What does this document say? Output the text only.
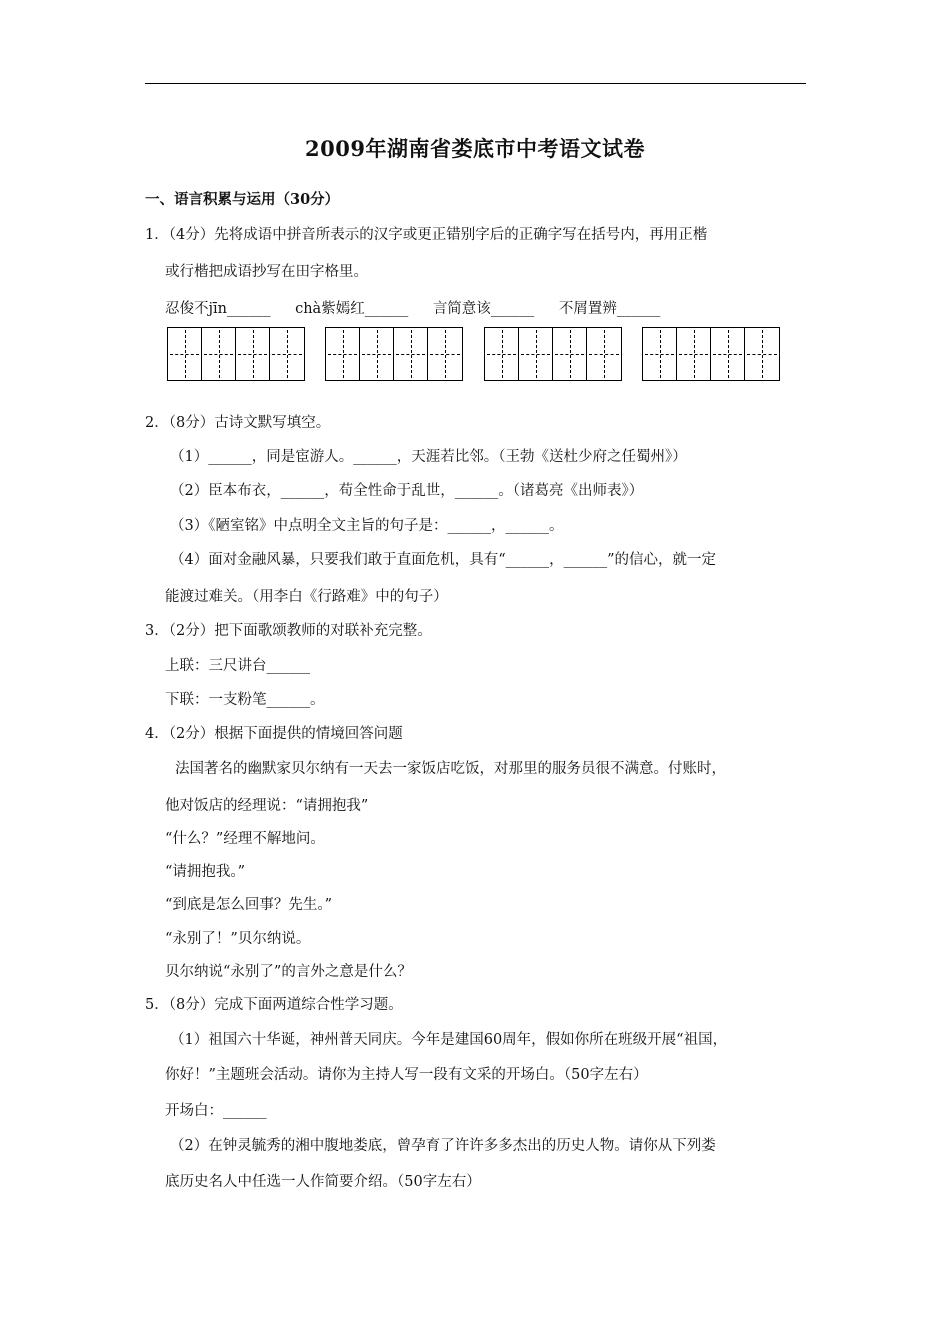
2009年湖南省娄底市中考语文试卷
一、语言积累与运用（30分）
1．（4分）先将成语中拼音所表示的汉字或更正错别字后的正确字写在括号内，再用正楷
或行楷把成语抄写在田字格里。
忍俊不jīn______ chà紫嫣红______ 言简意该______ 不屑置辨______
2．（8分）古诗文默写填空。
（1）______，同是宦游人。______，天涯若比邻。（王勃《送杜少府之任蜀州》）
（2）臣本布衣，______，苟全性命于乱世，______。（诸葛亮《出师表》）
（3）《陋室铭》中点明全文主旨的句子是：______，______。
（4）面对金融风暴，只要我们敢于直面危机，具有“______，______”的信心，就一定
能渡过难关。（用李白《行路难》中的句子）
3．（2分）把下面歌颂教师的对联补充完整。
上联：三尺讲台______
下联：一支粉笔______。
4．（2分）根据下面提供的情境回答问题
法国著名的幽默家贝尔纳有一天去一家饭店吃饭，对那里的服务员很不满意。付账时，
他对饭店的经理说：“请拥抱我”
“什么？”经理不解地问。
“请拥抱我。”
“到底是怎么回事？先生。”
“永别了！”贝尔纳说。
贝尔纳说“永别了”的言外之意是什么？
5．（8分）完成下面两道综合性学习题。
（1）祖国六十华诞，神州普天同庆。今年是建国60周年，假如你所在班级开展“祖国，
你好！”主题班会活动。请你为主持人写一段有文采的开场白。（50字左右）
开场白：______
（2）在钟灵毓秀的湘中腹地娄底，曾孕育了许许多多杰出的历史人物。请你从下列娄
底历史名人中任选一人作简要介绍。（50字左右）
